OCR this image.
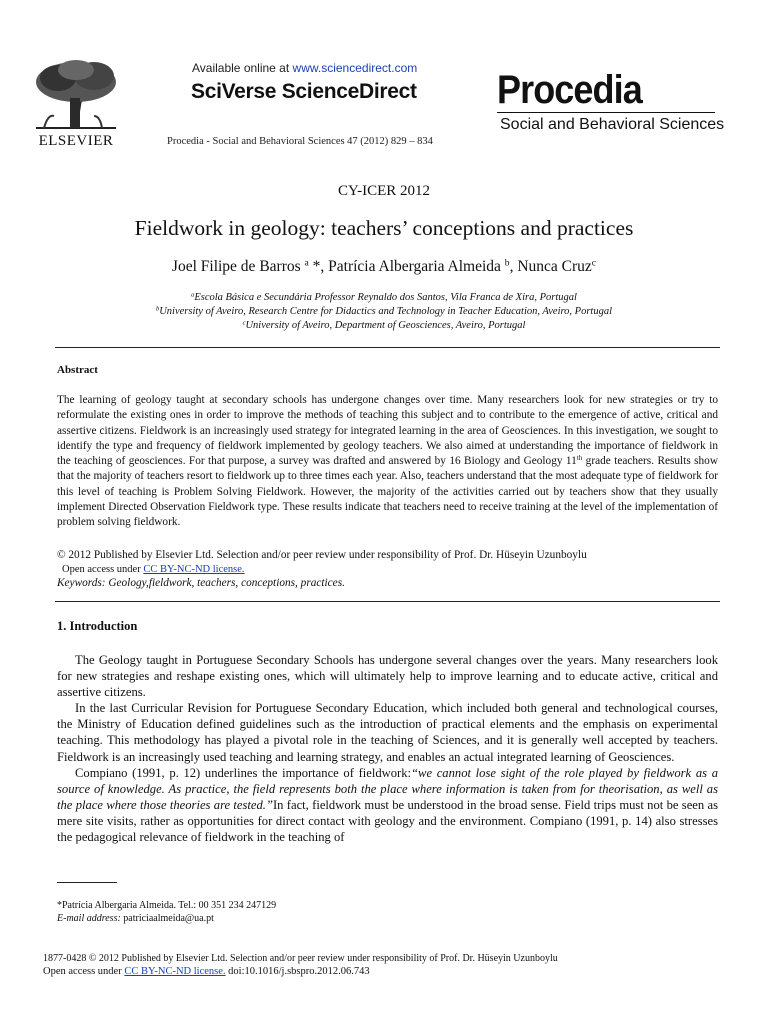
ELSEVIER
Available online at www.sciencedirect.com
SciVerse ScienceDirect
Procedia - Social and Behavioral Sciences 47 (2012) 829 – 834
Procedia
Social and Behavioral Sciences
CY-ICER 2012
Fieldwork in geology: teachers’ conceptions and practices
Joel Filipe de Barros $^a$ *, Patrícia Albergaria Almeida $^b$, Nunca Cruz$^c$
$^a$Escola Básica e Secundária Professor Reynaldo dos Santos, Vila Franca de Xira, Portugal
$^b$University of Aveiro, Research Centre for Didactics and Technology in Teacher Education, Aveiro, Portugal
$^c$University of Aveiro, Department of Geosciences, Aveiro, Portugal
Abstract
The learning of geology taught at secondary schools has undergone changes over time. Many researchers look for new strategies or try to reformulate the existing ones in order to improve the methods of teaching this subject and to contribute to the emergence of active, critical and assertive citizens. Fieldwork is an increasingly used strategy for integrated learning in the area of Geosciences. In this investigation, we sought to identify the type and frequency of fieldwork implemented by geology teachers. We also aimed at understanding the importance of fieldwork in the teaching of geosciences. For that purpose, a survey was drafted and answered by 16 Biology and Geology 11th grade teachers. Results show that the majority of teachers resort to fieldwork up to three times each year. Also, teachers understand that the most adequate type of fieldwork for this level of teaching is Problem Solving Fieldwork. However, the majority of the activities carried out by teachers show that they usually implement Directed Observation Fieldwork type. These results indicate that teachers need to receive training at the level of the implementation of problem solving fieldwork.
© 2012 Published by Elsevier Ltd. Selection and/or peer review under responsibility of Prof. Dr. Hüseyin Uzunboylu
Open access under CC BY-NC-ND license.
Keywords: Geology,fieldwork, teachers, conceptions, practices.
1. Introduction

The Geology taught in Portuguese Secondary Schools has undergone several changes over the years. Many researchers look for new strategies and reshape existing ones, which will ultimately help to improve learning and to educate active, critical and assertive citizens.

In the last Curricular Revision for Portuguese Secondary Education, which included both general and technological courses, the Ministry of Education defined guidelines such as the introduction of practical elements and the emphasis on experimental teaching. This methodology has played a pivotal role in the teaching of Sciences, and it is generally well accepted by teachers. Fieldwork is an increasingly used teaching and learning strategy, and enables an actual integrated learning of Geosciences.

Compiano (1991, p. 12) underlines the importance of fieldwork:“we cannot lose sight of the role played by fieldwork as a source of knowledge. As practice, the field represents both the place where information is taken from for theorisation, as well as the place where those theories are tested.”In fact, fieldwork must be understood in the broad sense. Field trips must not be seen as mere site visits, rather as opportunities for direct contact with geology and the environment. Compiano (1991, p. 14) also stresses the pedagogical relevance of fieldwork in the teaching of

*Patrícia Albergaria Almeida. Tel.: 00 351 234 247129
E-mail address: patriciaalmeida@ua.pt
1877-0428 © 2012 Published by Elsevier Ltd. Selection and/or peer review under responsibility of Prof. Dr. Hüseyin Uzunboylu
Open access under CC BY-NC-ND license. doi:10.1016/j.sbspro.2012.06.743
